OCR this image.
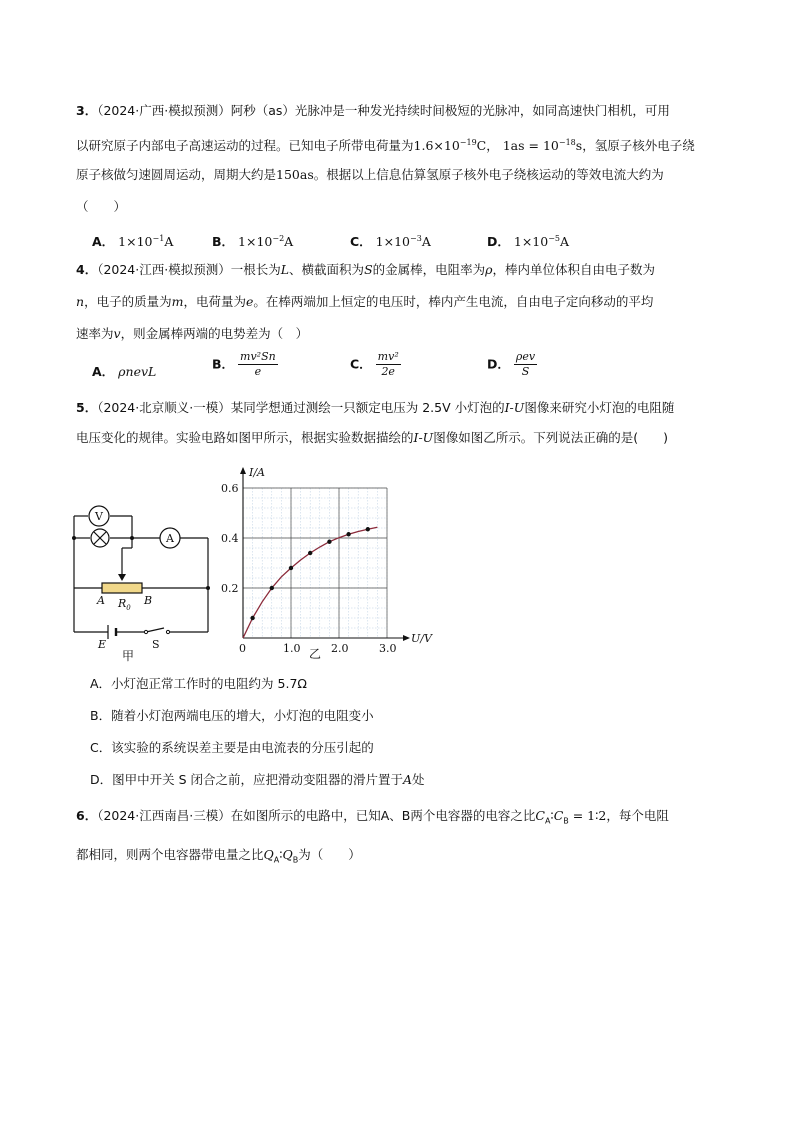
3．（2024·广西·模拟预测）阿秒（as）光脉冲是一种发光持续时间极短的光脉冲，如同高速快门相机，可用
以研究原子内部电子高速运动的过程。已知电子所带电荷量为$1.6\times 10^{-19}C$， $1as = 10^{-18}s$，氢原子核外电子绕
原子核做匀速圆周运动，周期大约是150as。根据以上信息估算氢原子核外电子绕核运动的等效电流大约为
（　　）
A． $1\times 10^{-1}A$	B． $1\times 10^{-2}A$	C． $1\times 10^{-3}A$	D． $1\times 10^{-5}A$
4．（2024·江西·模拟预测）一根长为L、横截面积为S的金属棒，电阻率为ρ，棒内单位体积自由电子数为
n，电子的质量为m，电荷量为e。在棒两端加上恒定的电压时，棒内产生电流，自由电子定向移动的平均
速率为v，则金属棒两端的电势差为（　）
A． ρnevL	B． $\frac{\text{mv²Sn}}{e}$	C． $\frac{\text{mv²}}{2e}$	D． $\frac{\text{ρev}}{S}$
5．（2024·北京顺义·一模）某同学想通过测绘一只额定电压为 2.5V 小灯泡的I-U图像来研究小灯泡的电阻随
电压变化的规律。实验电路如图甲所示，根据实验数据描绘的I-U图像如图乙所示。下列说法正确的是(　　)
V
A
A $R_0$
B
E	S
甲
1.0	2.0	3.0
0.2
0.4
0.6
I/A
U/V
0	乙
A．小灯泡正常工作时的电阻约为 5.7Ω
B．随着小灯泡两端电压的增大，小灯泡的电阻变小
C．该实验的系统误差主要是由电流表的分压引起的
D．图甲中开关 S 闭合之前，应把滑动变阻器的滑片置于A处
6．（2024·江西南昌·三模）在如图所示的电路中，已知A、B两个电容器的电容之比$C_A∶C_B$ = 1∶2，每个电阻
都相同，则两个电容器带电量之比$Q_A∶Q_B$为（　　）
